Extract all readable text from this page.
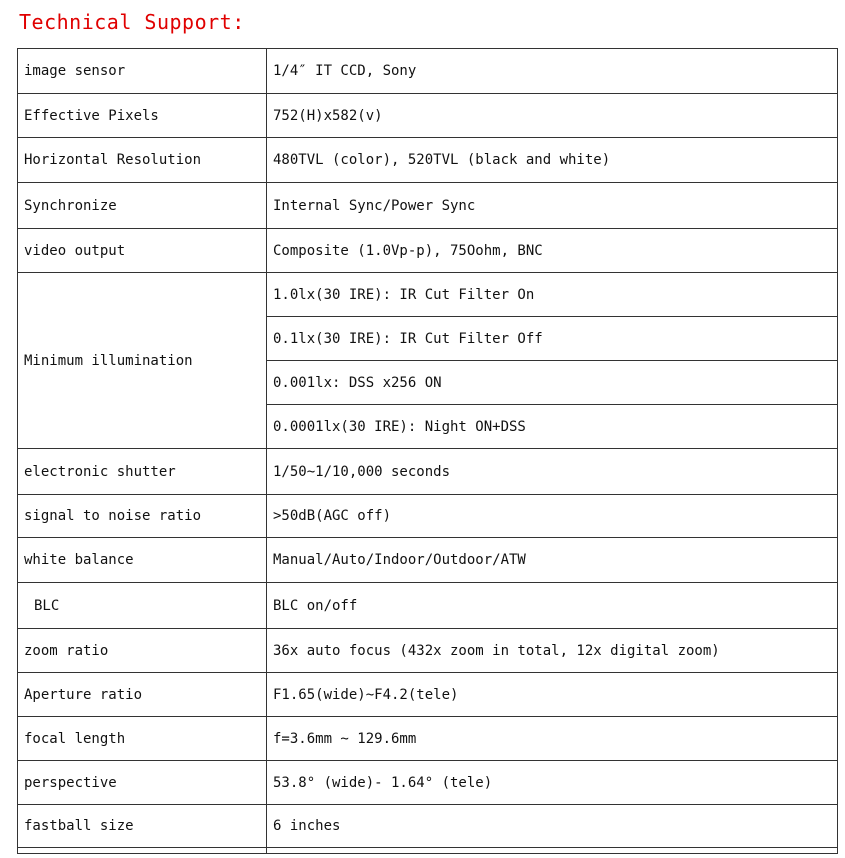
Technical Support:
image sensor	1/4″ IT CCD, Sony
Effective Pixels	752(H)x582(v)
Horizontal Resolution	480TVL (color), 520TVL (black and white)
Synchronize	Internal Sync/Power Sync
video output	Composite (1.0Vp-p), 75Oohm, BNC
Minimum illumination	1.0lx(30 IRE): IR Cut Filter On
	0.1lx(30 IRE): IR Cut Filter Off
	0.001lx: DSS x256 ON
	0.0001lx(30 IRE): Night ON+DSS
electronic shutter	1/50~1/10,000 seconds
signal to noise ratio	>50dB(AGC off)
white balance	Manual/Auto/Indoor/Outdoor/ATW
BLC	BLC on/off
zoom ratio	36x auto focus (432x zoom in total, 12x digital zoom)
Aperture ratio	F1.65(wide)~F4.2(tele)
focal length	f=3.6mm ~ 129.6mm
perspective	53.8° (wide)- 1.64° (tele)
fastball size	6 inches
